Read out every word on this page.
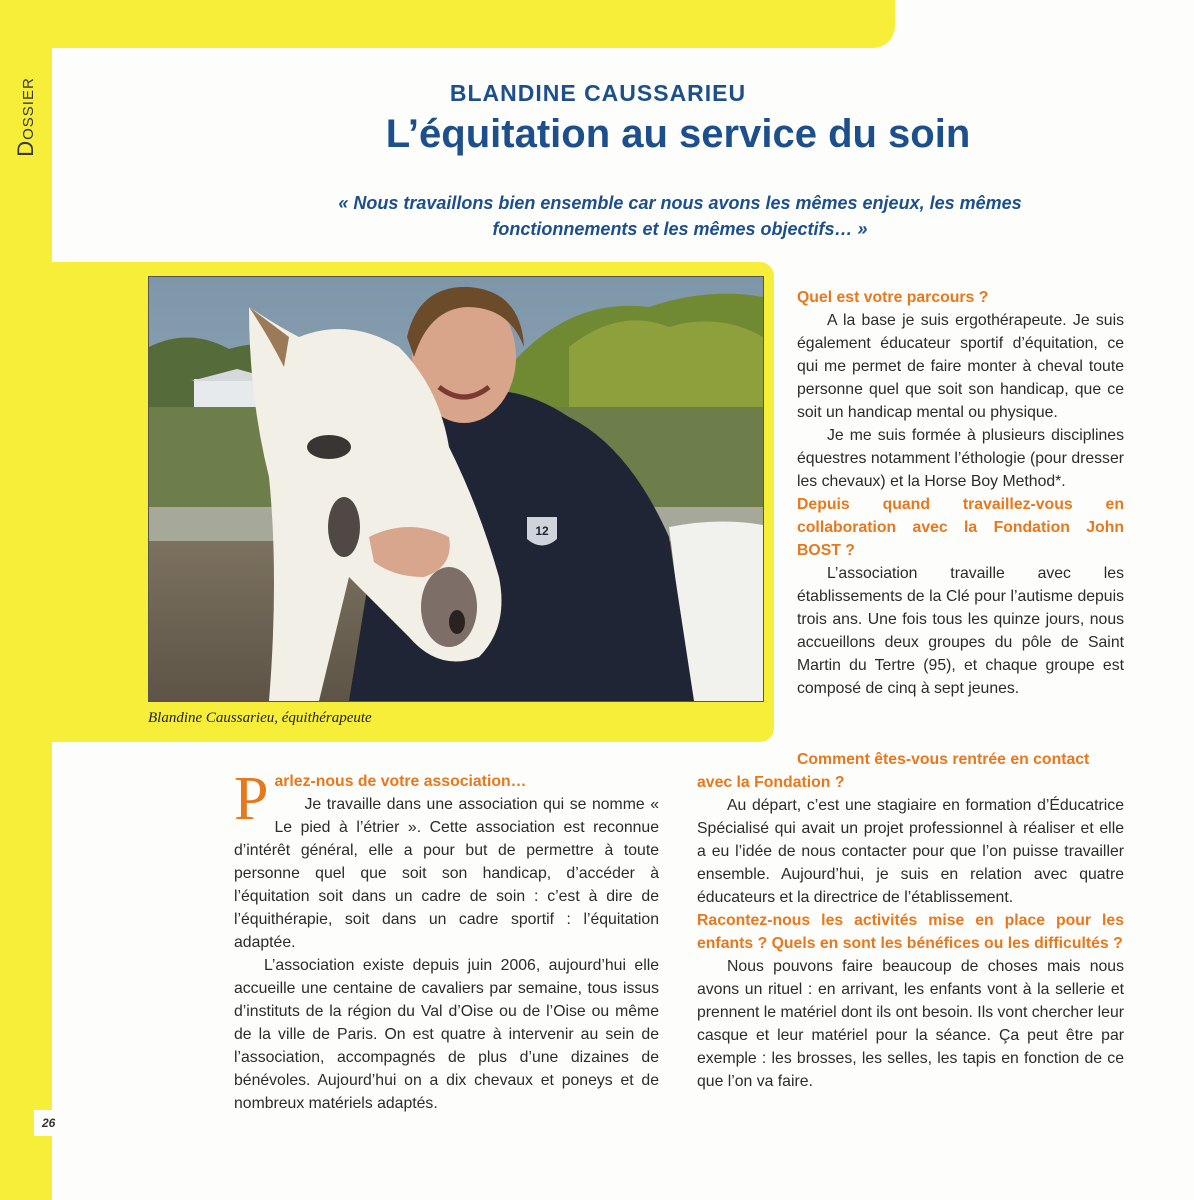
Dossier
26
BLANDINE CAUSSARIEU
L’équitation au service du soin
« Nous travaillons bien ensemble car nous avons les mêmes enjeux, les mêmes
fonctionnements et les mêmes objectifs… »
12
Blandine Caussarieu, équithérapeute
P arlez-nous de votre association…

Je travaille dans une association qui se nomme « Le pied à l’étrier ». Cette association est reconnue d’intérêt général, elle a pour but de permettre à toute personne quel que soit son handicap, d’accéder à l’équitation soit dans un cadre de soin : c’est à dire de l’équithérapie, soit dans un cadre sportif : l’équitation adaptée.

L’association existe depuis juin 2006, aujourd’hui elle accueille une centaine de cavaliers par semaine, tous issus d’instituts de la région du Val d’Oise ou de l’Oise ou même de la ville de Paris. On est quatre à intervenir au sein de l’association, accompagnés de plus d’une dizaines de bénévoles. Aujourd’hui on a dix chevaux et poneys et de nombreux matériels adaptés.

Quel est votre parcours ?

A la base je suis ergothérapeute. Je suis également éducateur sportif d’équitation, ce qui me permet de faire monter à cheval toute personne quel que soit son handicap, que ce soit un handicap mental ou physique.

Je me suis formée à plusieurs disciplines équestres notamment l’éthologie (pour dresser les chevaux) et la Horse Boy Method*.

Depuis quand travaillez-vous en collaboration avec la Fondation John BOST ?

L’association travaille avec les établissements de la Clé pour l’autisme depuis trois ans. Une fois tous les quinze jours, nous accueillons deux groupes du pôle de Saint Martin du Tertre (95), et chaque groupe est composé de cinq à sept jeunes.

Comment êtes-vous rentrée en contact

avec la Fondation ?

Au départ, c’est une stagiaire en formation d’Éducatrice Spécialisé qui avait un projet professionnel à réaliser et elle a eu l’idée de nous contacter pour que l’on puisse travailler ensemble. Aujourd’hui, je suis en relation avec quatre éducateurs et la directrice de l’établissement.

Racontez-nous les activités mise en place pour les enfants ? Quels en sont les bénéfices ou les difficultés ?

Nous pouvons faire beaucoup de choses mais nous avons un rituel : en arrivant, les enfants vont à la sellerie et prennent le matériel dont ils ont besoin. Ils vont chercher leur casque et leur matériel pour la séance. Ça peut être par exemple : les brosses, les selles, les tapis en fonction de ce que l’on va faire.
